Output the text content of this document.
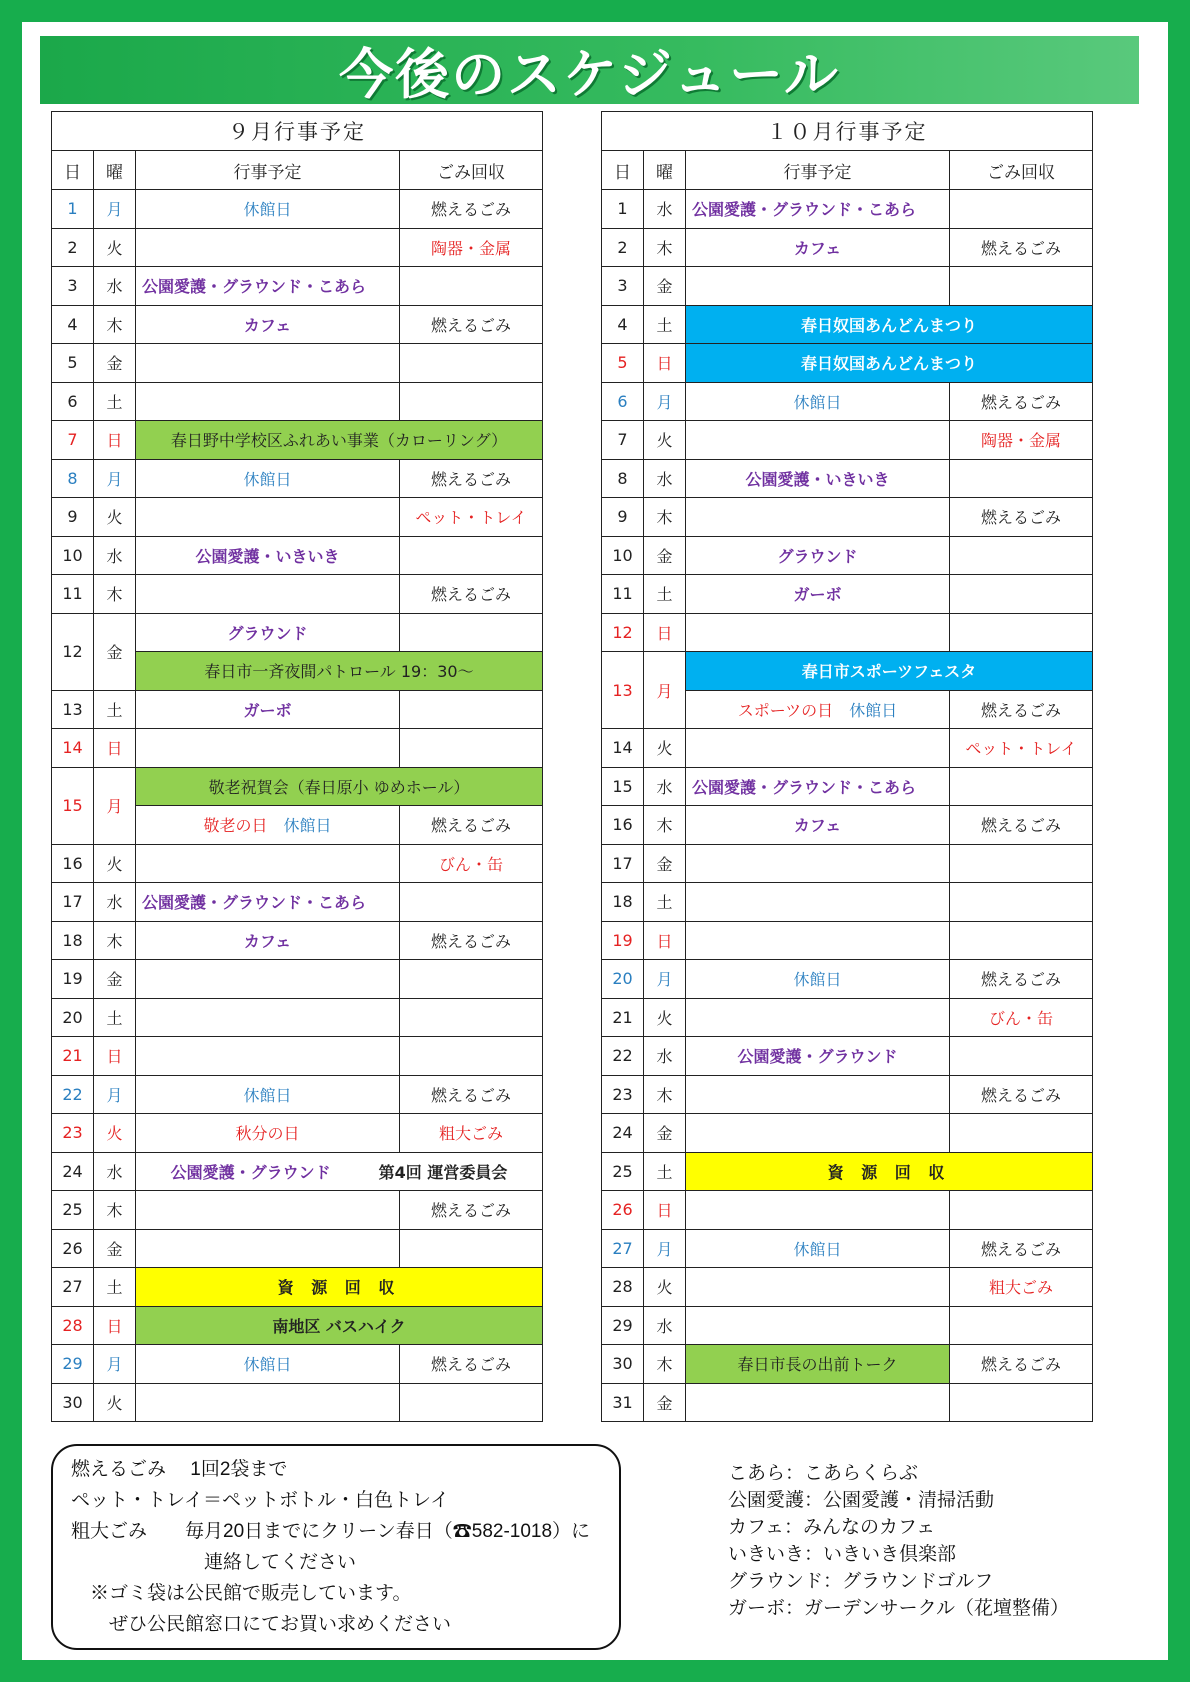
今後のスケジュール
９月行事予定			
日	曜	行事予定	ごみ回収
1	月	休館日	燃えるごみ
2	火		陶器・金属
3	水	公園愛護・グラウンド・こあら	
4	木	カフェ	燃えるごみ
5	金		
6	土		
7	日	春日野中学校区ふれあい事業（カローリング）	
8	月	休館日	燃えるごみ
9	火		ペット・トレイ
10	水	公園愛護・いきいき	
11	木		燃えるごみ
12	金	グラウンド	
		春日市一斉夜間パトロール 19：30～	
13	土	ガーボ	
14	日		
15	月	敬老祝賀会（春日原小 ゆめホール）	
		敬老の日　 休館日	燃えるごみ
16	火		びん・缶
17	水	公園愛護・グラウンド・こあら	
18	木	カフェ	燃えるごみ
19	金		
20	土		
21	日		
22	月	休館日	燃えるごみ
23	火	秋分の日	粗大ごみ
24	水	公園愛護・グラウンド　　　 第4回 運営委員会	
25	木		燃えるごみ
26	金		
27	土	資 源 回 収	
28	日	南地区 バスハイク	
29	月	休館日	燃えるごみ
30	火		
１０月行事予定			
日	曜	行事予定	ごみ回収
1	水	公園愛護・グラウンド・こあら	
2	木	カフェ	燃えるごみ
3	金		
4	土	春日奴国あんどんまつり	
5	日	春日奴国あんどんまつり	
6	月	休館日	燃えるごみ
7	火		陶器・金属
8	水	公園愛護・いきいき	
9	木		燃えるごみ
10	金	グラウンド	
11	土	ガーボ	
12	日		
13	月	春日市スポーツフェスタ	
		スポーツの日　 休館日	燃えるごみ
14	火		ペット・トレイ
15	水	公園愛護・グラウンド・こあら	
16	木	カフェ	燃えるごみ
17	金		
18	土		
19	日		
20	月	休館日	燃えるごみ
21	火		びん・缶
22	水	公園愛護・グラウンド	
23	木		燃えるごみ
24	金		
25	土	資 源 回 収	
26	日		
27	月	休館日	燃えるごみ
28	火		粗大ごみ
29	水		
30	木	春日市長の出前トーク	燃えるごみ
31	金		
燃えるごみ　 1回2袋まで
ペット・トレイ＝ペットボトル・白色トレイ
粗大ごみ　　毎月20日までにクリーン春日（☎582-1018）に
　　　　　　　連絡してください
　※ゴミ袋は公民館で販売しています。
　　ぜひ公民館窓口にてお買い求めください
こあら：こあらくらぶ
公園愛護：公園愛護・清掃活動
カフェ：みんなのカフェ
いきいき：いきいき倶楽部
グラウンド：グラウンドゴルフ
ガーボ：ガーデンサークル（花壇整備）
